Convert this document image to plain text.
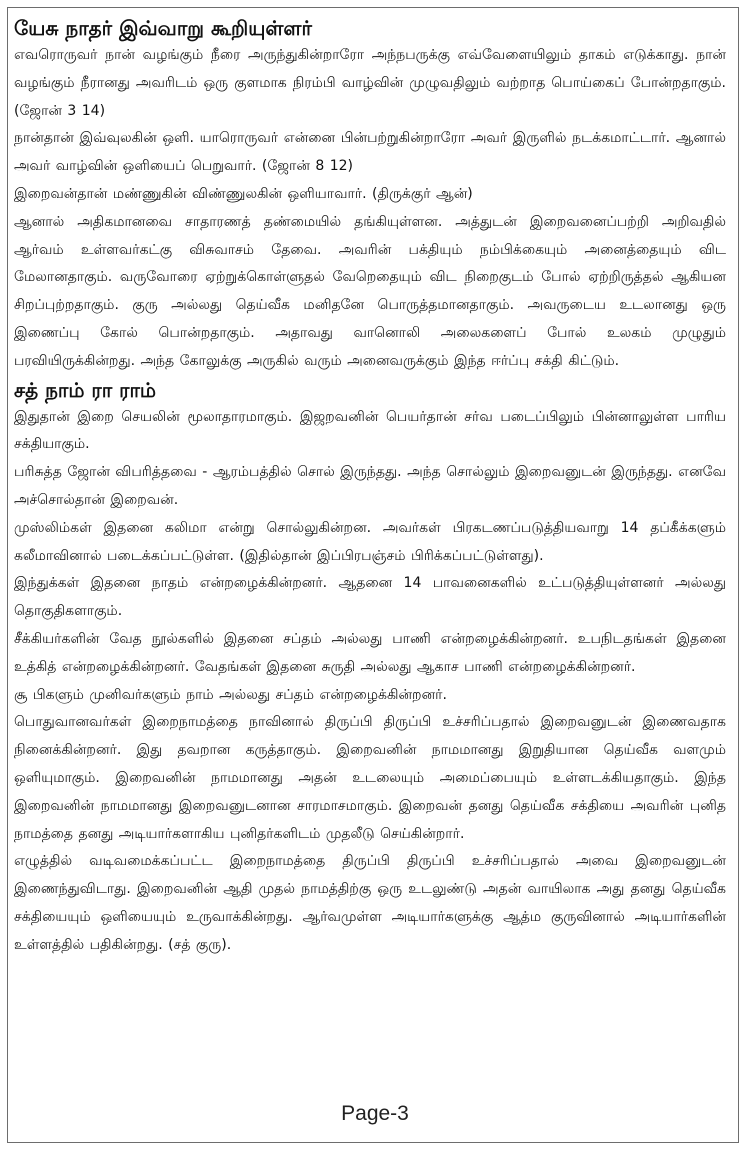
யேசு நாதர் இவ்வாறு கூறியுள்ளர்

எவரொருவர் நான் வழங்கும் நீரை அருந்துகின்றாரோ அந்நபருக்கு எவ்வேளையிலும் தாகம் எடுக்காது. நான் வழங்கும் நீரானது அவரிடம் ஒரு குளமாக நிரம்பி வாழ்வின் முழுவதிலும் வற்றாத பொய்கைப் போன்றதாகும். (ஜோன் 3 14)

நான்தான் இவ்வுலகின் ஒளி. யாரொருவர் என்னை பின்பற்றுகின்றாரோ அவர் இருளில் நடக்கமாட்டார். ஆனால் அவர் வாழ்வின் ஒளியைப் பெறுவார். (ஜோன் 8 12)

இறைவன்தான் மண்ணுகின் விண்ணுலகின் ஒளியாவார். (திருக்குர் ஆன்)

ஆனால் அதிகமானவை சாதாரணத் தண்மையில் தங்கியுள்ளன. அத்துடன் இறைவனைப்பற்றி அறிவதில் ஆர்வம் உள்ளவர்கட்கு விசுவாசம் தேவை. அவரின் பக்தியும் நம்பிக்கையும் அனைத்தையும் விட மேலானதாகும். வருவோரை ஏற்றுக்கொள்ளுதல் வேறெதையும் விட நிறைகுடம் போல் ஏற்றிருத்தல் ஆகியன சிறப்புற்றதாகும். குரு அல்லது தெய்வீக மனிதனே பொருத்தமானதாகும். அவருடைய உடலானது ஒரு இணைப்பு கோல் பொன்றதாகும். அதாவது வானொலி அலைகளைப் போல் உலகம் முழுதும் பரவியிருக்கின்றது. அந்த கோலுக்கு அருகில் வரும் அனைவருக்கும் இந்த ஈர்ப்பு சக்தி கிட்டும்.

சத் நாம் ரா ராம்

இதுதான் இறை செயலின் மூலாதாரமாகும். இஜறவனின் பெயர்தான் சர்வ படைப்பிலும் பின்னாலுள்ள பாரிய சக்தியாகும்.

பரிசுத்த ஜோன் விபரித்தவை - ஆரம்பத்தில் சொல் இருந்தது. அந்த சொல்லும் இறைவனுடன் இருந்தது. எனவே அச்சொல்தான் இறைவன்.

முஸ்லிம்கள் இதனை கலிமா என்று சொல்லுகின்றன. அவர்கள் பிரகடணப்படுத்தியவாறு 14 தப்கீக்களும் கலீமாவினால் படைக்கப்பட்டுள்ள. (இதில்தான் இப்பிரபஞ்சம் பிரிக்கப்பட்டுள்ளது).

இந்துக்கள் இதனை நாதம் என்றழைக்கின்றனர். ஆதனை 14 பாவனைகளில் உட்படுத்தியுள்ளனர் அல்லது தொகுதிகளாகும்.

சீக்கியர்களின் வேத நூல்களில் இதனை சப்தம் அல்லது பாணி என்றழைக்கின்றனர். உபநிடதங்கள் இதனை உத்கித் என்றழைக்கின்றனர். வேதங்கள் இதனை சுருதி அல்லது ஆகாச பாணி என்றழைக்கின்றனர்.

சூ பிகளும் முனிவர்களும் நாம் அல்லது சப்தம் என்றழைக்கின்றனர்.

பொதுவானவர்கள் இறைநாமத்தை நாவினால் திருப்பி திருப்பி உச்சரிப்பதால் இறைவனுடன் இணைவதாக நினைக்கின்றனர். இது தவறான கருத்தாகும். இறைவனின் நாமமானது இறுதியான தெய்வீக வளமும் ஒளியுமாகும். இறைவனின் நாமமானது அதன் உடலையும் அமைப்பையும் உள்ளடக்கியதாகும். இந்த இறைவனின் நாமமானது இறைவனுடனான சாரமாசமாகும். இறைவன் தனது தெய்வீக சக்தியை அவரின் புனித நாமத்தை தனது அடியார்களாகிய புனிதர்களிடம் முதலீடு செய்கின்றார்.

எழுத்தில் வடிவமைக்கப்பட்ட இறைநாமத்தை திருப்பி திருப்பி உச்சரிப்பதால் அவை இறைவனுடன் இணைந்துவிடாது. இறைவனின் ஆதி முதல் நாமத்திற்கு ஒரு உடலுண்டு அதன் வாயிலாக அது தனது தெய்வீக சக்தியையும் ஒளியையும் உருவாக்கின்றது. ஆர்வமுள்ள அடியார்களுக்கு ஆத்ம குருவினால் அடியார்களின் உள்ளத்தில் பதிகின்றது. (சத் குரு).

Page-3
